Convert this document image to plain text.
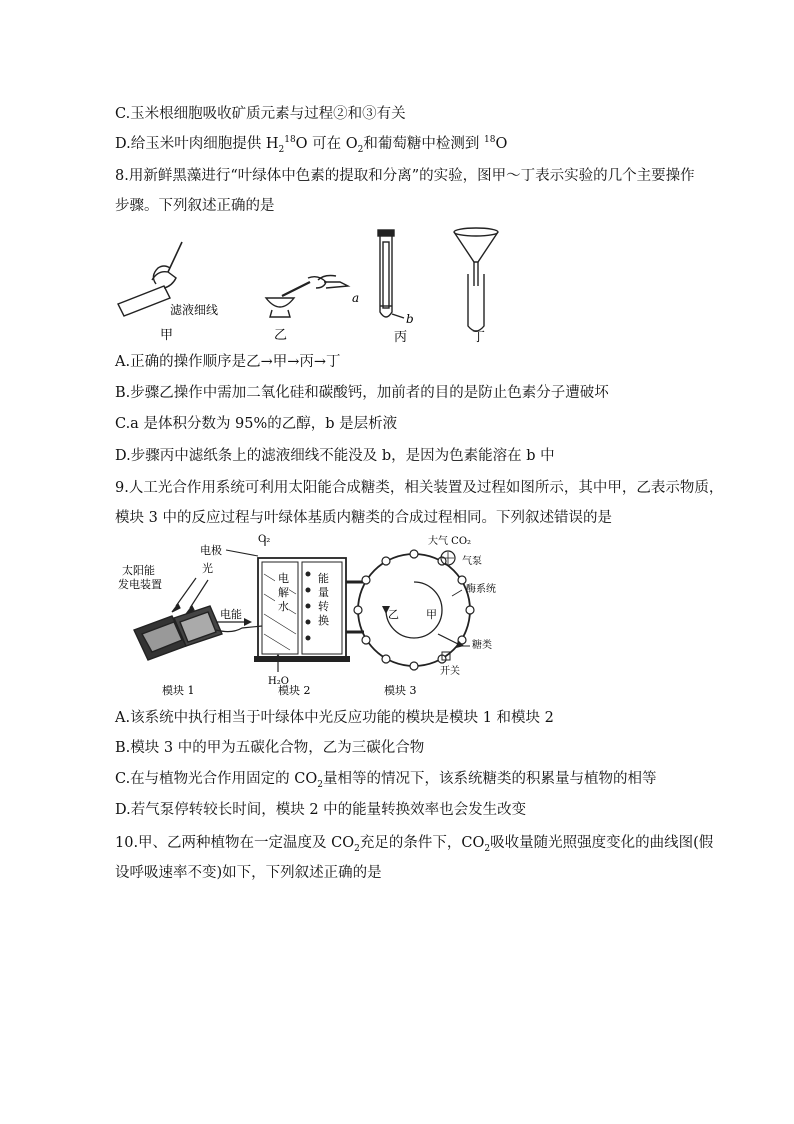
C.玉米根细胞吸收矿质元素与过程②和③有关
D.给玉米叶肉细胞提供 $H_2^{18}O$ 可在 $O_2$和葡萄糖中检测到 $^{18}$O
8.用新鲜黑藻进行“叶绿体中色素的提取和分离”的实验，图甲～丁表示实验的几个主要操作
步骤。下列叙述正确的是
滤液细线
甲
a
乙
b
丙	丁
A.正确的操作顺序是乙→甲→丙→丁
B.步骤乙操作中需加二氧化硅和碳酸钙，加前者的目的是防止色素分子遭破坏
C.a 是体积分数为 95%的乙醇，b 是层析液
D.步骤丙中滤纸条上的滤液细线不能没及 b，是因为色素能溶在 b 中
9.人工光合作用系统可利用太阳能合成糖类，相关装置及过程如图所示，其中甲，乙表示物质，
模块 3 中的反应过程与叶绿体基质内糖类的合成过程相同。下列叙述错误的是
太阳能
发电装置
光
电能
电极
O₂
电
解
水
能
量
转
换
H₂O
乙 甲
大气 CO₂
气泵
酶系统
糖类
开关
模块 1	模块 2	模块 3
A.该系统中执行相当于叶绿体中光反应功能的模块是模块 1 和模块 2
B.模块 3 中的甲为五碳化合物，乙为三碳化合物
C.在与植物光合作用固定的 $CO_2$量相等的情况下，该系统糖类的积累量与植物的相等
D.若气泵停转较长时间，模块 2 中的能量转换效率也会发生改变
10.甲、乙两种植物在一定温度及 $CO_2$充足的条件下，$CO_2$吸收量随光照强度变化的曲线图(假
设呼吸速率不变)如下，下列叙述正确的是
